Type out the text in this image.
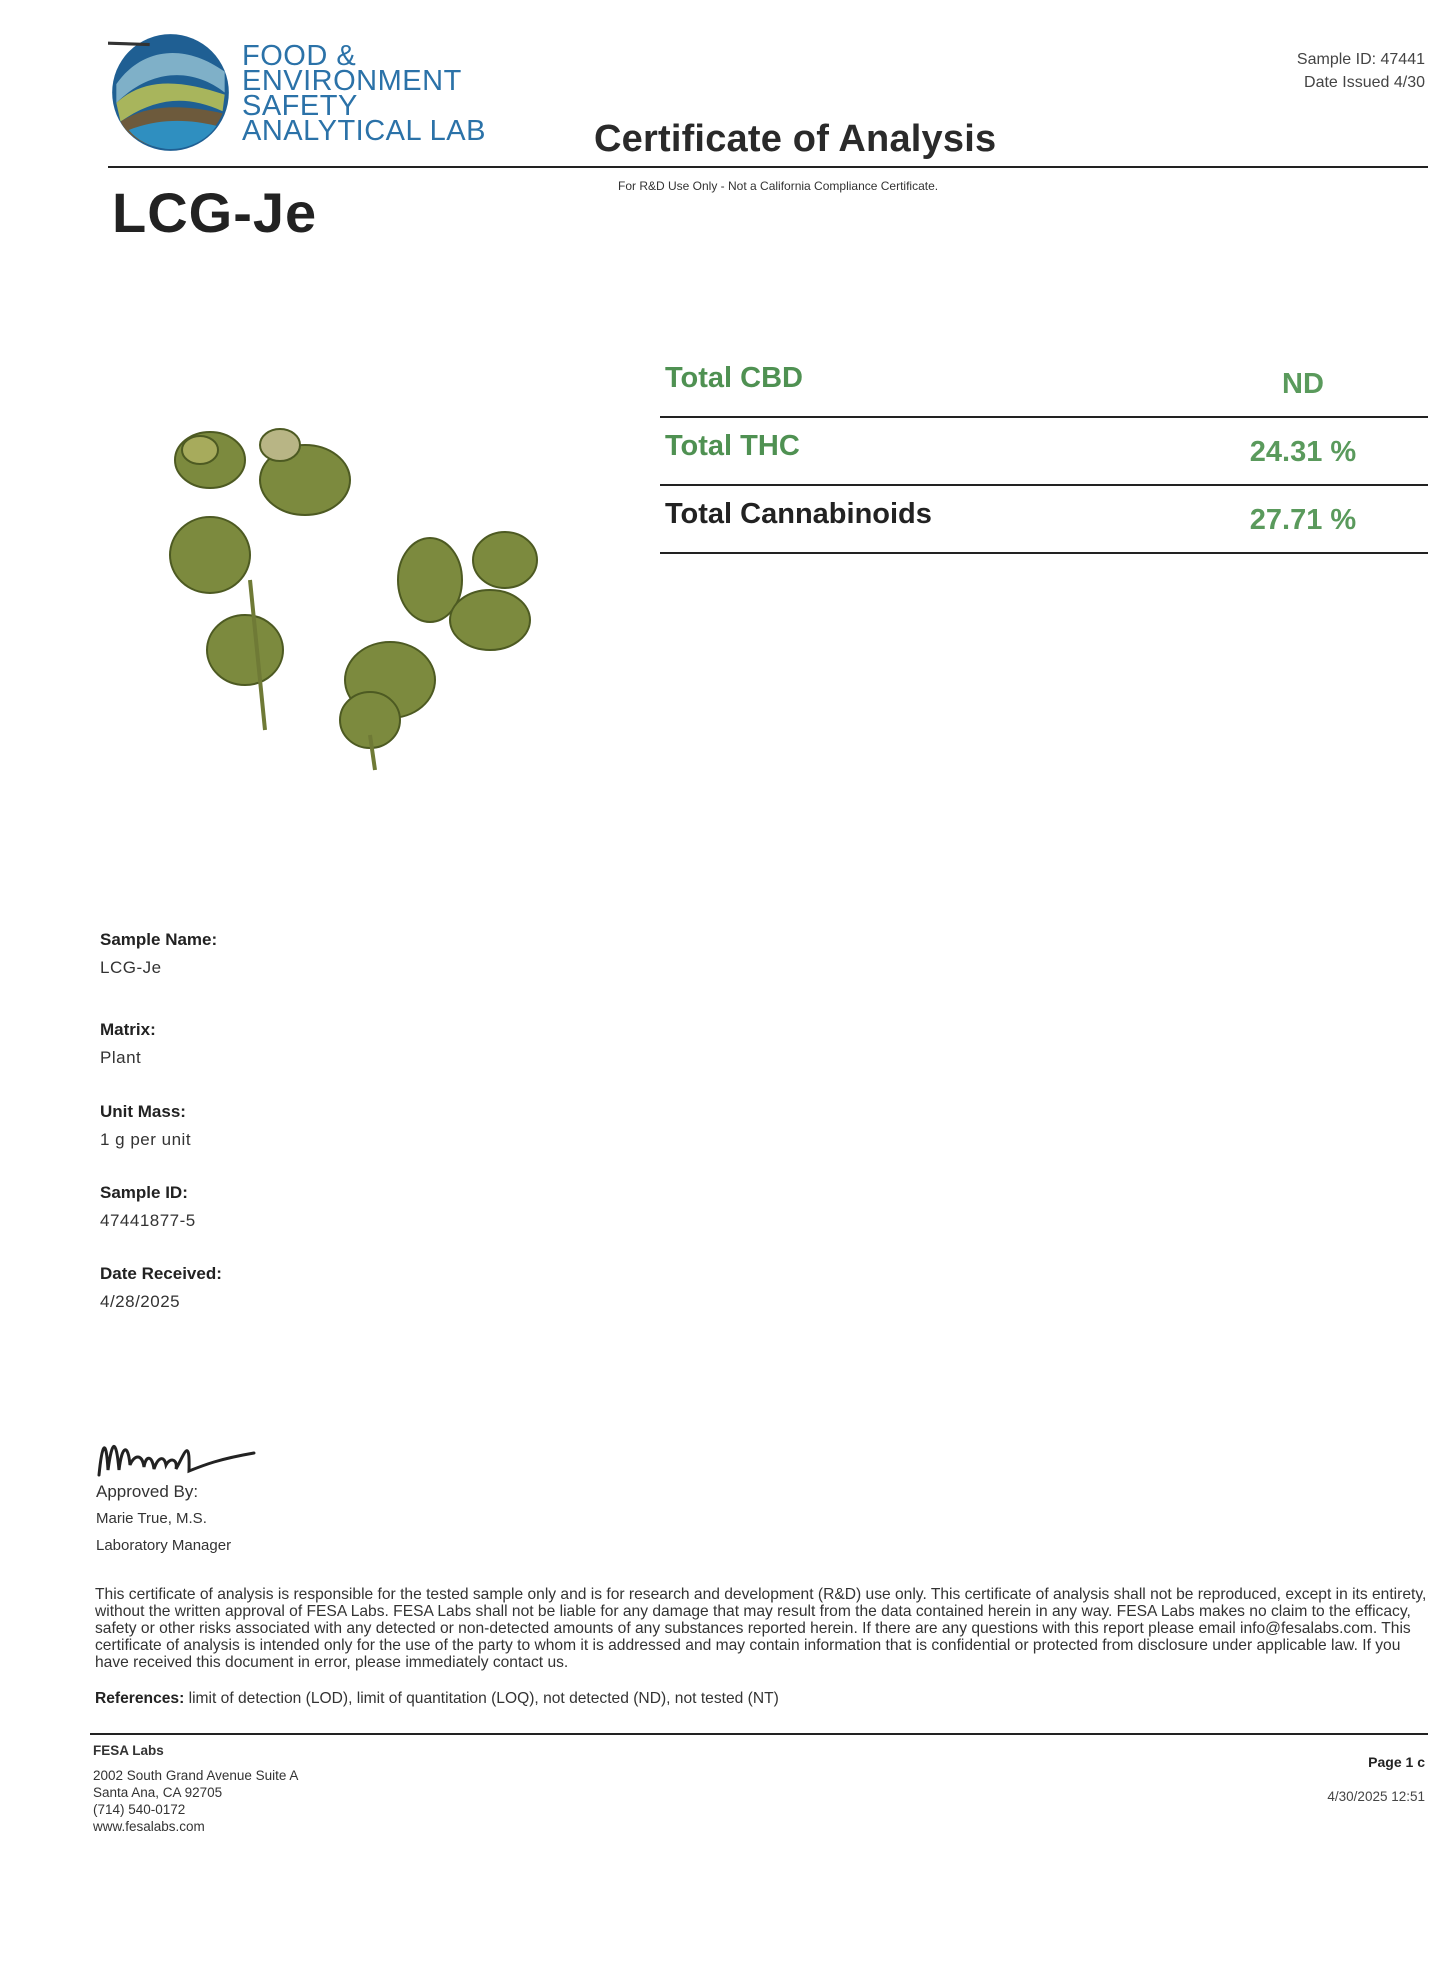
FOOD &
ENVIRONMENT
SAFETY
ANALYTICAL LAB
Sample ID: 47441
Date Issued 4/30
Certificate of Analysis
For R&D Use Only - Not a California Compliance Certificate.
LCG-Je
Total CBD	ND
Total THC	24.31 %
Total Cannabinoids	27.71 %
Sample Name:
LCG-Je
Matrix:
Plant
Unit Mass:
1 g per unit
Sample ID:
47441877-5
Date Received:
4/28/2025
Approved By:
Marie True, M.S.
Laboratory Manager
This certificate of analysis is responsible for the tested sample only and is for research and development (R&D) use only. This certificate of analysis shall not be reproduced, except in its entirety, without the written approval of FESA Labs. FESA Labs shall not be liable for any damage that may result from the data contained herein in any way. FESA Labs makes no claim to the efficacy, safety or other risks associated with any detected or non-detected amounts of any substances reported herein. If there are any questions with this report please email info@fesalabs.com. This certificate of analysis is intended only for the use of the party to whom it is addressed and may contain information that is confidential or protected from disclosure under applicable law. If you have received this document in error, please immediately contact us.
References: limit of detection (LOD), limit of quantitation (LOQ), not detected (ND), not tested (NT)
FESA Labs
2002 South Grand Avenue Suite A
Santa Ana, CA 92705
(714) 540-0172
www.fesalabs.com
Page 1 c
4/30/2025 12:51
